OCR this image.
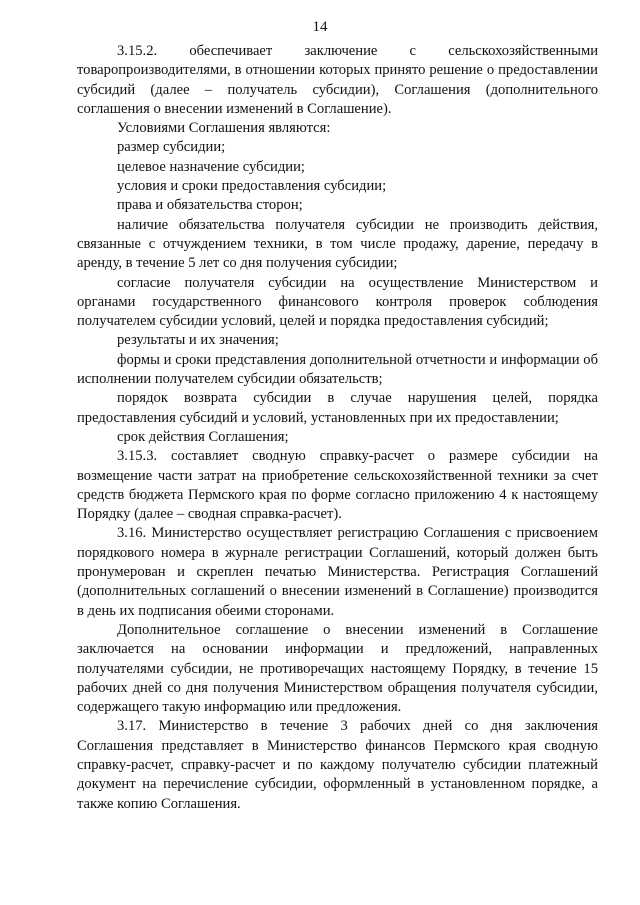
14

3.15.2. обеспечивает заключение с сельскохозяйственными товаропроизводителями, в отношении которых принято решение о предоставлении субсидий (далее – получатель субсидии), Соглашения (дополнительного соглашения о внесении изменений в Соглашение).

Условиями Соглашения являются:

размер субсидии;

целевое назначение субсидии;

условия и сроки предоставления субсидии;

права и обязательства сторон;

наличие обязательства получателя субсидии не производить действия, связанные с отчуждением техники, в том числе продажу, дарение, передачу в аренду, в течение 5 лет со дня получения субсидии;

согласие получателя субсидии на осуществление Министерством и органами государственного финансового контроля проверок соблюдения получателем субсидии условий, целей и порядка предоставления субсидий;

результаты и их значения;

формы и сроки представления дополнительной отчетности и информации об исполнении получателем субсидии обязательств;

порядок возврата субсидии в случае нарушения целей, порядка предоставления субсидий и условий, установленных при их предоставлении;

срок действия Соглашения;

3.15.3. составляет сводную справку-расчет о размере субсидии на возмещение части затрат на приобретение сельскохозяйственной техники за счет средств бюджета Пермского края по форме согласно приложению 4 к настоящему Порядку (далее – сводная справка-расчет).

3.16. Министерство осуществляет регистрацию Соглашения с присвоением порядкового номера в журнале регистрации Соглашений, который должен быть пронумерован и скреплен печатью Министерства. Регистрация Соглашений (дополнительных соглашений о внесении изменений в Соглашение) производится в день их подписания обеими сторонами.

Дополнительное соглашение о внесении изменений в Соглашение заключается на основании информации и предложений, направленных получателями субсидии, не противоречащих настоящему Порядку, в течение 15 рабочих дней со дня получения Министерством обращения получателя субсидии, содержащего такую информацию или предложения.

3.17. Министерство в течение 3 рабочих дней со дня заключения Соглашения представляет в Министерство финансов Пермского края сводную справку-расчет, справку-расчет и по каждому получателю субсидии платежный документ на перечисление субсидии, оформленный в установленном порядке, а также копию Соглашения.
